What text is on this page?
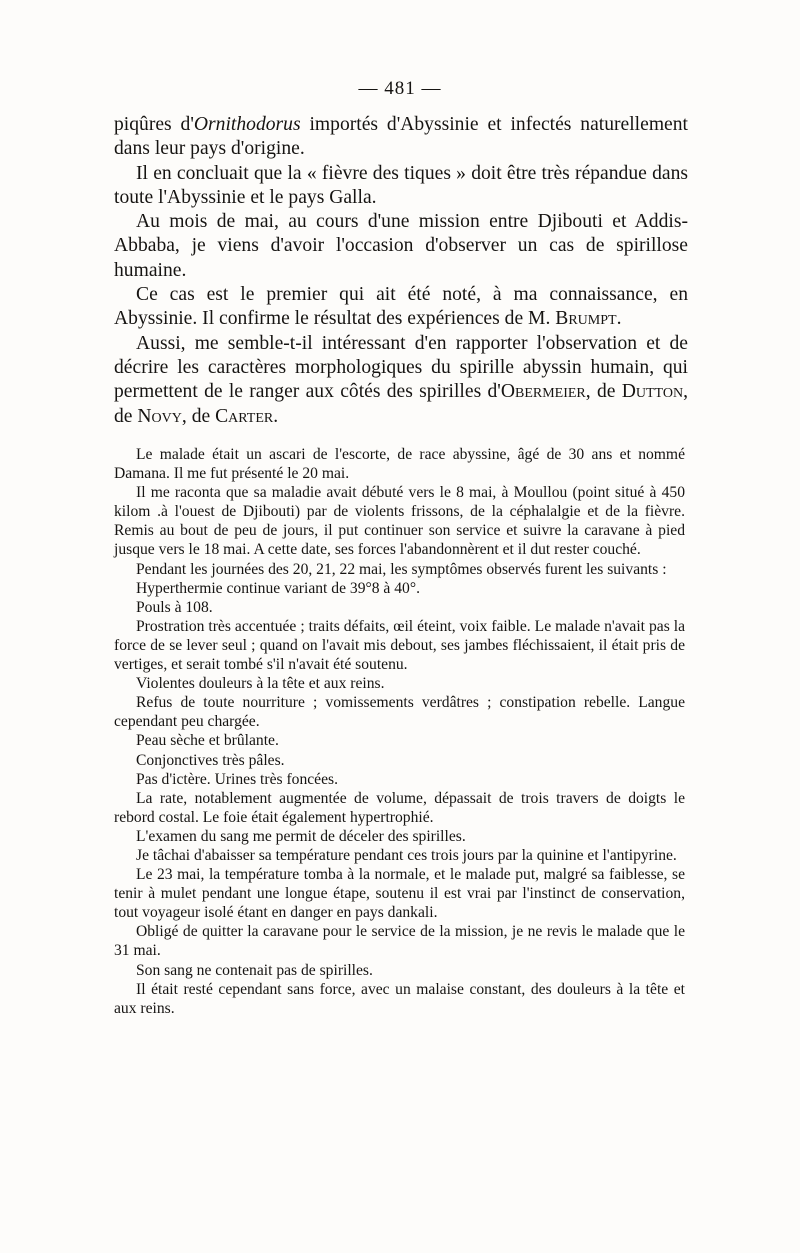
— 481 —

piqûres d'Ornithodorus importés d'Abyssinie et infectés naturellement dans leur pays d'origine.

Il en concluait que la « fièvre des tiques » doit être très répandue dans toute l'Abyssinie et le pays Galla.

Au mois de mai, au cours d'une mission entre Djibouti et Addis-Abbaba, je viens d'avoir l'occasion d'observer un cas de spirillose humaine.

Ce cas est le premier qui ait été noté, à ma connaissance, en Abyssinie. Il confirme le résultat des expériences de M. Brumpt.

Aussi, me semble-t-il intéressant d'en rapporter l'observation et de décrire les caractères morphologiques du spirille abyssin humain, qui permettent de le ranger aux côtés des spirilles d'Obermeier, de Dutton, de Novy, de Carter.

Le malade était un ascari de l'escorte, de race abyssine, âgé de 30 ans et nommé Damana. Il me fut présenté le 20 mai.

Il me raconta que sa maladie avait débuté vers le 8 mai, à Moullou (point situé à 450 kilom .à l'ouest de Djibouti) par de violents frissons, de la céphalalgie et de la fièvre. Remis au bout de peu de jours, il put continuer son service et suivre la caravane à pied jusque vers le 18 mai. A cette date, ses forces l'abandonnèrent et il dut rester couché.

Pendant les journées des 20, 21, 22 mai, les symptômes observés furent les suivants :

Hyperthermie continue variant de 39°8 à 40°.

Pouls à 108.

Prostration très accentuée ; traits défaits, œil éteint, voix faible. Le malade n'avait pas la force de se lever seul ; quand on l'avait mis debout, ses jambes fléchissaient, il était pris de vertiges, et serait tombé s'il n'avait été soutenu.

Violentes douleurs à la tête et aux reins.

Refus de toute nourriture ; vomissements verdâtres ; constipation rebelle. Langue cependant peu chargée.

Peau sèche et brûlante.

Conjonctives très pâles.

Pas d'ictère. Urines très foncées.

La rate, notablement augmentée de volume, dépassait de trois travers de doigts le rebord costal. Le foie était également hypertrophié.

L'examen du sang me permit de déceler des spirilles.

Je tâchai d'abaisser sa température pendant ces trois jours par la quinine et l'antipyrine.

Le 23 mai, la température tomba à la normale, et le malade put, malgré sa faiblesse, se tenir à mulet pendant une longue étape, soutenu il est vrai par l'instinct de conservation, tout voyageur isolé étant en danger en pays dankali.

Obligé de quitter la caravane pour le service de la mission, je ne revis le malade que le 31 mai.

Son sang ne contenait pas de spirilles.

Il était resté cependant sans force, avec un malaise constant, des douleurs à la tête et aux reins.
